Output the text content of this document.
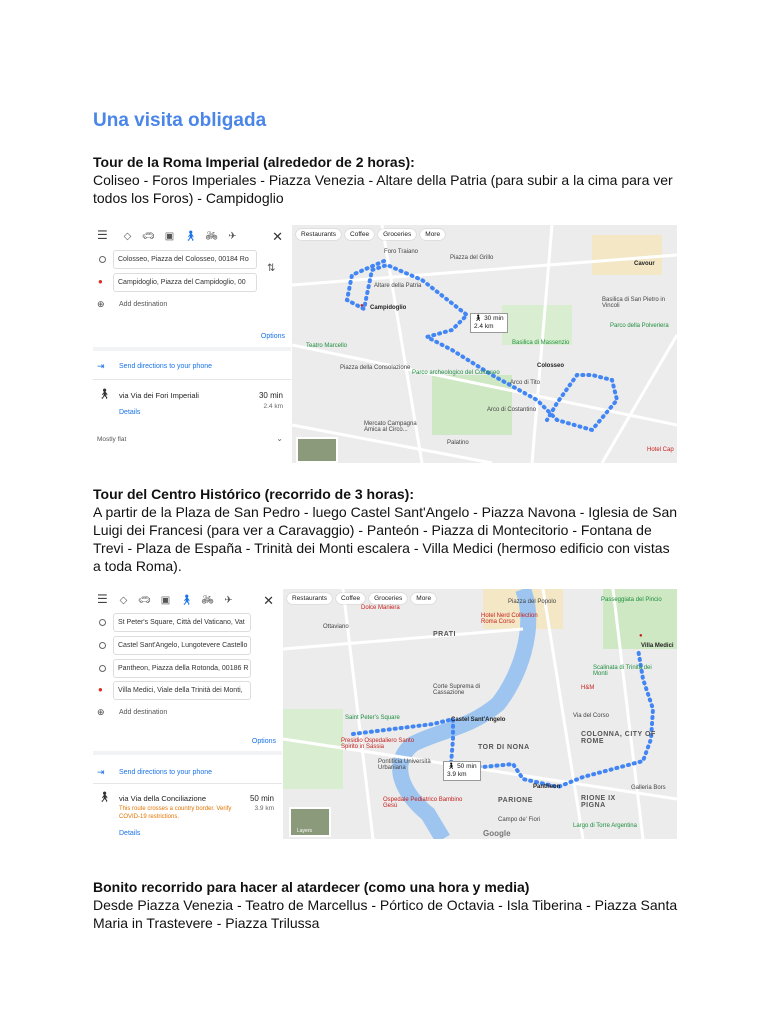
Una visita obligada
Tour de la Roma Imperial (alrededor de 2 horas):
Coliseo - Foros Imperiales - Piazza Venezia - Altare della Patria (para subir a la cima para ver todos los Foros) - Campidoglio
☰	◇	🚗︎ ▣ 🚶︎ 🚲︎	✈︎	✕
Colosseo, Piazza del Colosseo, 00184 Ro
●	Campidoglio, Piazza del Campidoglio, 00
⇅
⊕ Add destination
Options
⇥ Send directions to your phone
🚶︎ via Via dei Fori Imperiali	30 min
2.4 km
Details
Mostly flat	⌄
Restaurants	Coffee	Groceries	More
Foro Traiano
Altare della Patria
Piazza del Grillo
● Campidoglio
Teatro Marcello
Piazza della Consolazione
Parco archeologico del Colosseo
Colosseo
Arco di Tito
Arco di Costantino
Palatino
Mercato Campagna Amica al Circo...
Basilica di Massenzio
Cavour
Basilica di San Pietro in Vincoli
Parco della Polveriera
Hotel Cap
🚶︎ 30 min
2.4 km
Tour del Centro Histórico (recorrido de 3 horas):
A partir de la Plaza de San Pedro - luego Castel Sant'Angelo - Piazza Navona - Iglesia de San Luigi dei Francesi (para ver a Caravaggio) - Panteón - Piazza di Montecitorio - Fontana de Trevi - Plaza de España - Trinità dei Monti escalera - Villa Medici (hermoso edificio con vistas a toda Roma).
☰	◇	🚗︎ ▣ 🚶︎ 🚲︎	✈︎	✕
St Peter's Square, Città del Vaticano, Vat
Castel Sant'Angelo, Lungotevere Castello
Pantheon, Piazza della Rotonda, 00186 R
●	Villa Medici, Viale della Trinità dei Monti,
⊕ Add destination
Options
⇥ Send directions to your phone
🚶︎ via Via della Conciliazione	50 min
3.9 km
This route crosses a country border. Verify COVID-19 restrictions.
Details
Restaurants	Coffee	Groceries	More
Dolce Maniera
Piazza del Popolo	Passeggiata del Pincio
Hotel Nerd Collection Roma Corso
Ottaviano
PRATI	●
Villa Medici
Scalinata di Trinità dei Monti
Corte Suprema di Cassazione
H&M
Castel Sant'Angelo
Saint Peter's Square
Presidio Ospedaliero Santo Spirito in Sassia
Pontificia Università Urbaniana
Ospedale Pediatrico Bambino Gesù
Via del Corso
COLONNA, CITY OF ROME
TOR DI NONA
PARIONE
Pantheon
RIONE IX PIGNA
Campo de' Fiori
Largo di Torre Argentina
Galleria Bors
🚶︎ 50 min
3.9 km
Layers	Google
Bonito recorrido para hacer al atardecer (como una hora y media)
Desde Piazza Venezia - Teatro de Marcellus - Pórtico de Octavia - Isla Tiberina - Piazza Santa Maria in Trastevere - Piazza Trilussa
